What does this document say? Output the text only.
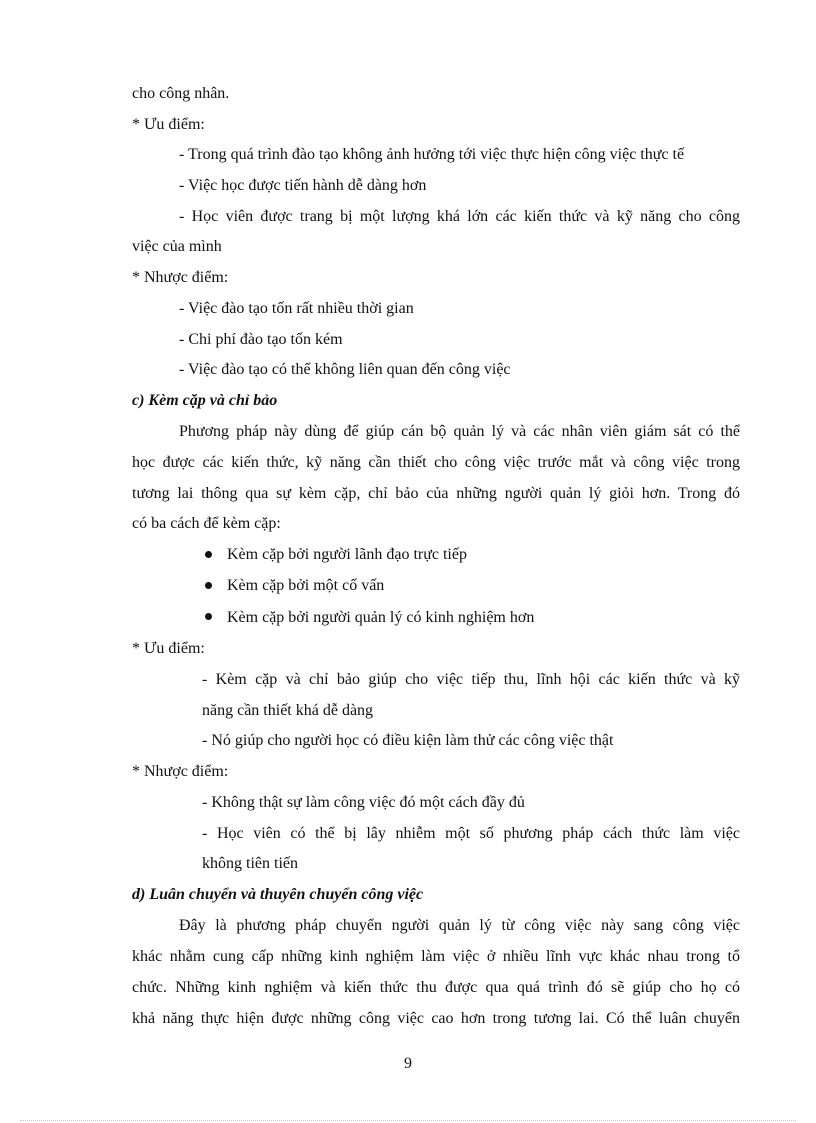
cho công nhân.
* Ưu điểm:
- Trong quá trình đào tạo không ảnh hưởng tới việc thực hiện công việc thực tế
- Việc học được tiến hành dễ dàng hơn
- Học viên được trang bị một lượng khá lớn các kiến thức và kỹ năng cho công
việc của mình
* Nhược điểm:
- Việc đào tạo tốn rất nhiều thời gian
- Chi phí đào tạo tốn kém
- Việc đào tạo có thể không liên quan đến công việc
c) Kèm cặp và chỉ bảo
Phương pháp này dùng để giúp cán bộ quản lý và các nhân viên giám sát có thể
học được các kiến thức, kỹ năng cần thiết cho công việc trước mắt và công việc trong
tương lai thông qua sự kèm cặp, chỉ bảo của những người quản lý giỏi hơn. Trong đó
có ba cách để kèm cặp:
Kèm cặp bởi người lãnh đạo trực tiếp
Kèm cặp bởi một cố vấn
Kèm cặp bởi người quản lý có kinh nghiệm hơn
* Ưu điểm:
- Kèm cặp và chỉ bảo giúp cho việc tiếp thu, lĩnh hội các kiến thức và kỹ
năng cần thiết khá dễ dàng
- Nó giúp cho người học có điều kiện làm thử các công việc thật
* Nhược điểm:
- Không thật sự làm công việc đó một cách đầy đủ
- Học viên có thể bị lây nhiễm một số phương pháp cách thức làm việc
không tiên tiến
d) Luân chuyển và thuyên chuyển công việc
Đây là phương pháp chuyển người quản lý từ công việc này sang công việc
khác nhằm cung cấp những kinh nghiệm làm việc ở nhiều lĩnh vực khác nhau trong tổ
chức. Những kinh nghiệm và kiến thức thu được qua quá trình đó sẽ giúp cho họ có
khả năng thực hiện được những công việc cao hơn trong tương lai. Có thể luân chuyển
9
